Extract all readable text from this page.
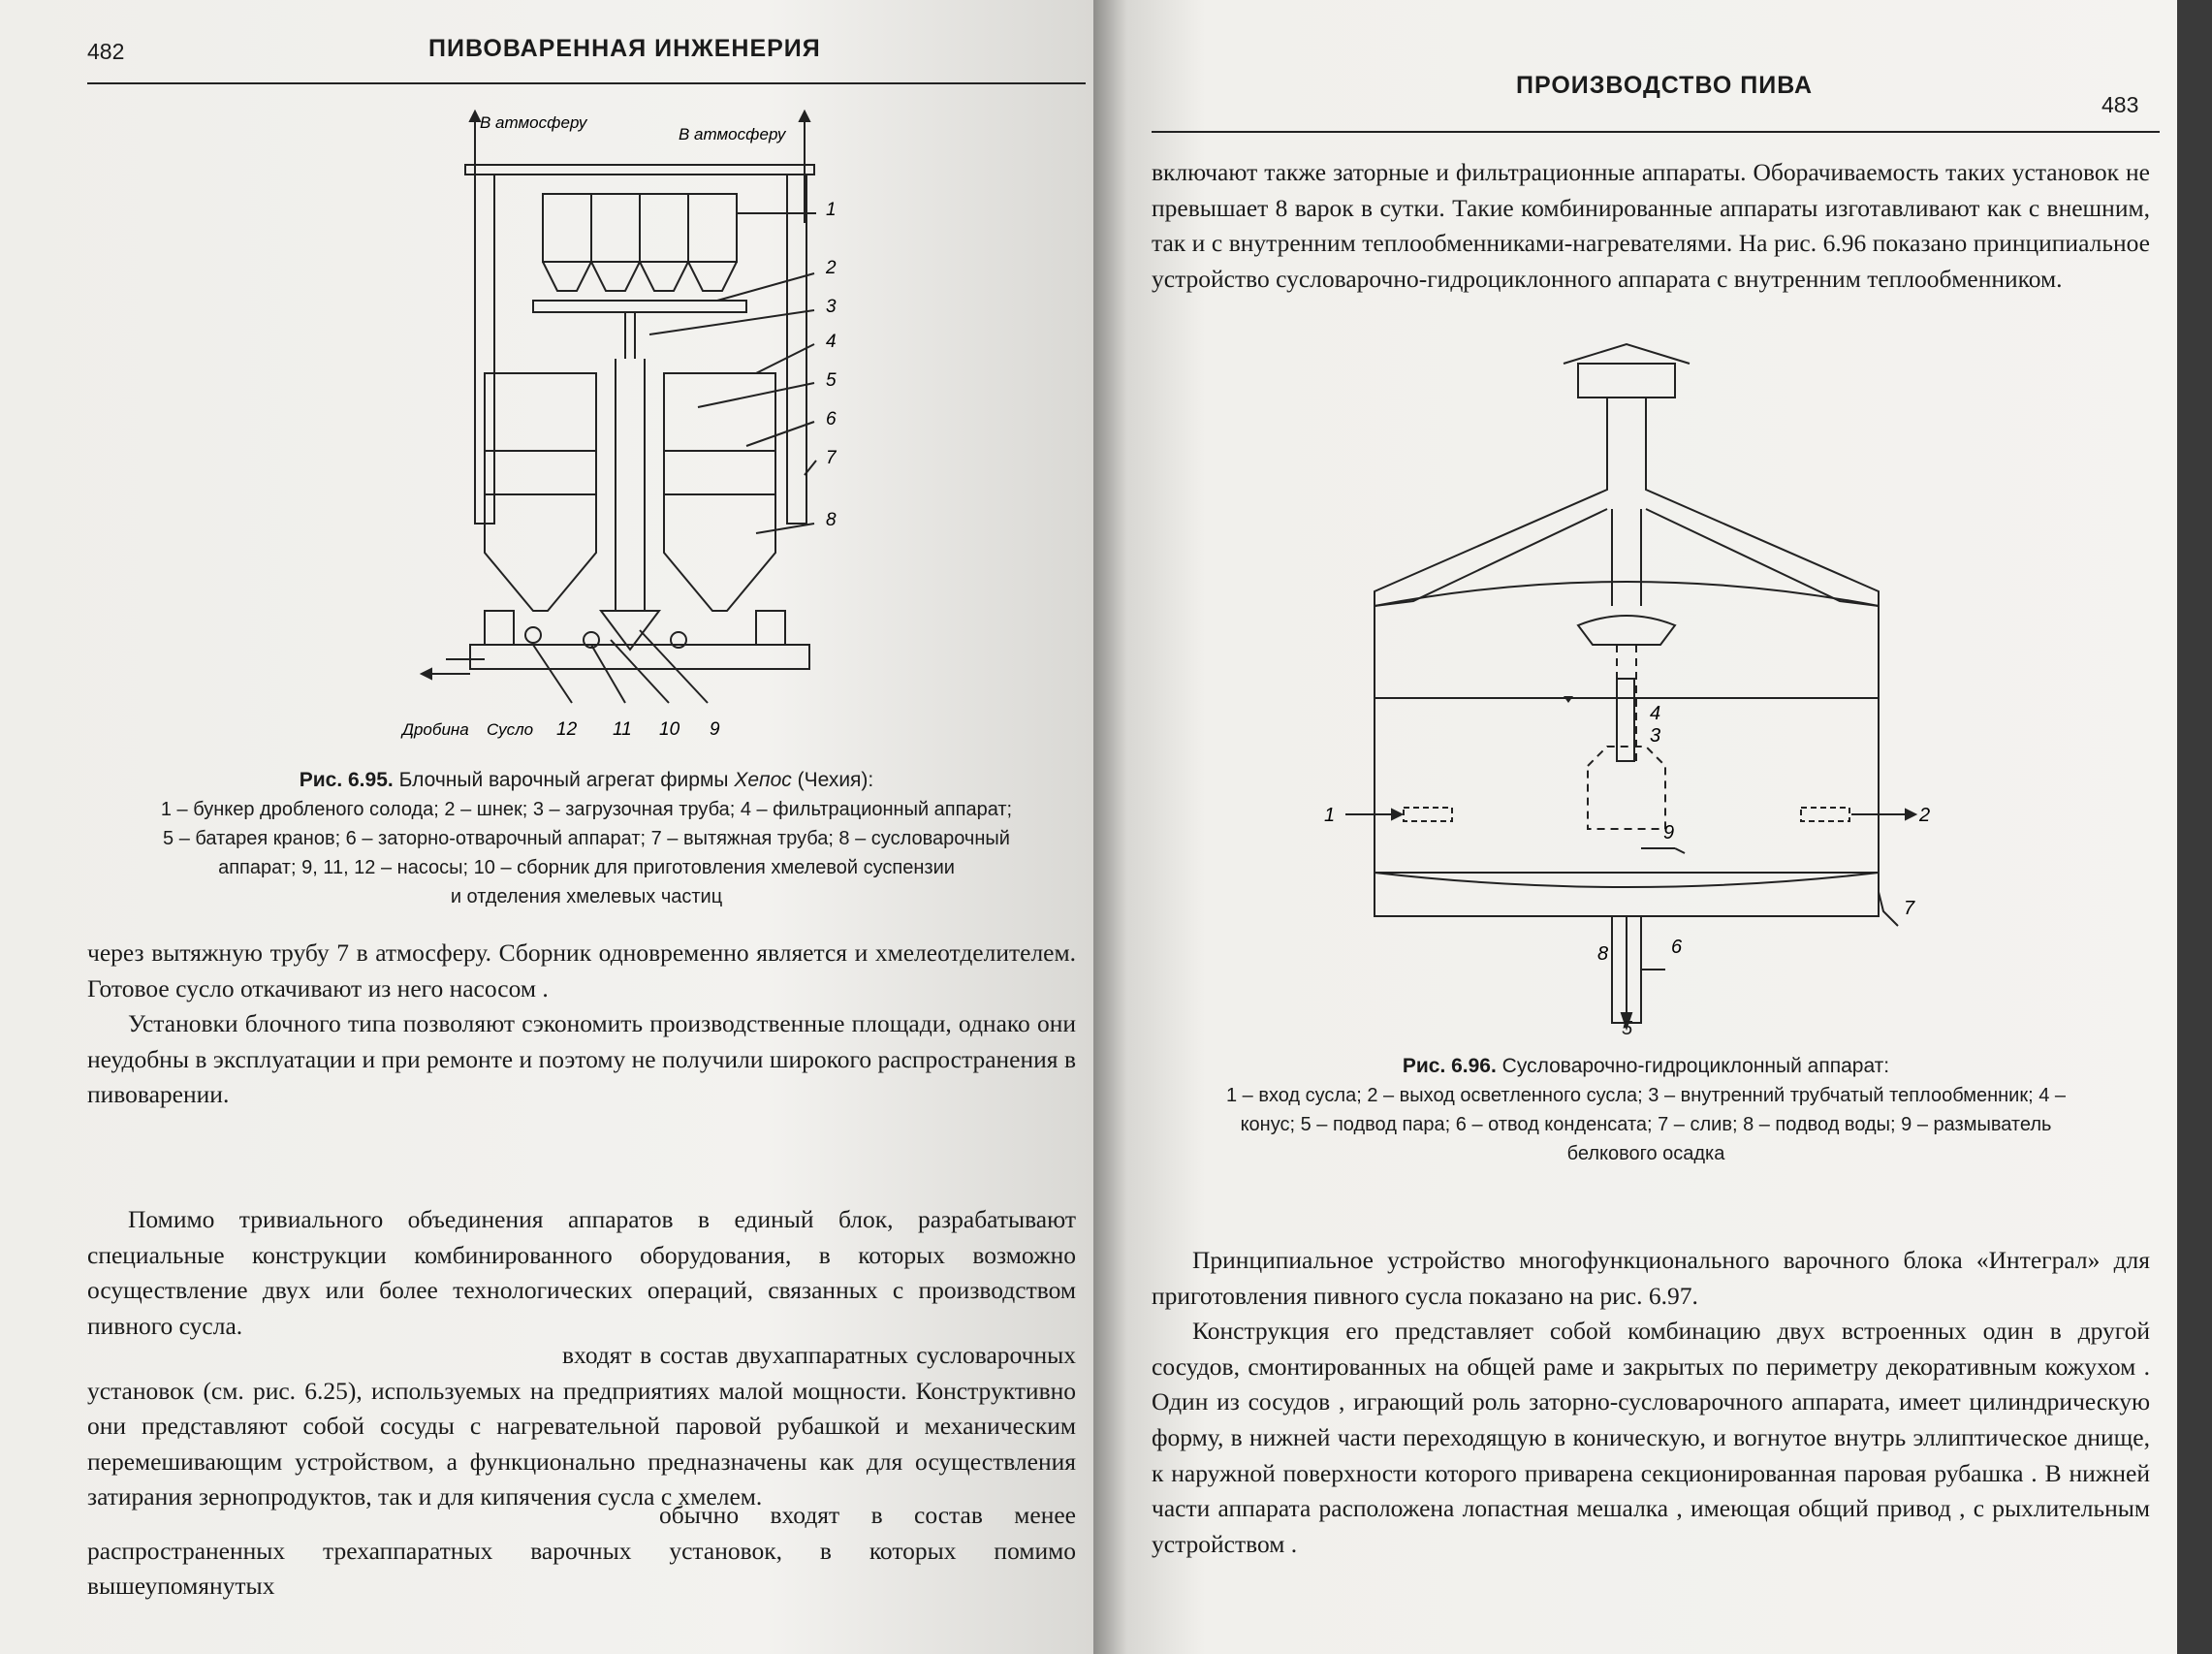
482	ПИВОВАРЕННАЯ ИНЖЕНЕРИЯ
В атмосферу
В атмосферу
1
2
3
4
5
6
7
8
Дробина Сусло 12 11 10 9
Рис. 6.95. Блочный варочный агрегат фирмы Хепос (Чехия):
1 – бункер дробленого солода; 2 – шнек; 3 – загрузочная труба; 4 – фильтрационный аппарат;
5 – батарея кранов; 6 – заторно-отварочный аппарат; 7 – вытяжная труба; 8 – сусловарочный
аппарат; 9, 11, 12 – насосы; 10 – сборник для приготовления хмелевой суспензии
и отделения хмелевых частиц

через вытяжную трубу 7 в атмосферу. Сборник одновременно является и хмелеотделителем. Готовое сусло откачивают из него насосом .

Установки блочного типа позволяют сэкономить производственные площади, однако они неудобны в эксплуатации и при ремонте и поэтому не получили широкого распространения в пивоварении.

Помимо тривиального объединения аппаратов в единый блок, разрабатывают специальные конструкции комбинированного оборудования, в которых возможно осуществление двух или более технологических операций, связанных с производством пивного сусла.

входят в состав двухаппаратных сусловарочных установок (см. рис. 6.25), используемых на предприятиях малой мощности. Конструктивно они представляют собой сосуды с нагревательной паровой рубашкой и механическим перемешивающим устройством, а функционально предназначены как для осуществления затирания зернопродуктов, так и для кипячения сусла с хмелем.

обычно входят в состав менее распространенных трехаппаратных варочных установок, в которых помимо вышеупомянутых

ПРОИЗВОДСТВО ПИВА
483

включают также заторные и фильтрационные аппараты. Оборачиваемость таких установок не превышает 8 варок в сутки. Такие комбинированные аппараты изготавливают как с внешним, так и с внутренним теплообменниками-нагревателями. На рис. 6.96 показано принципиальное устройство сусловарочно-гидроциклонного аппарата с внутренним теплообменником.

4
3
1	2
9
7
8	6
5
Рис. 6.96. Сусловарочно-гидроциклонный аппарат:
1 – вход сусла; 2 – выход осветленного сусла; 3 – внутренний трубчатый теплообменник; 4 –
конус; 5 – подвод пара; 6 – отвод конденсата; 7 – слив; 8 – подвод воды; 9 – размыватель
белкового осадка

Принципиальное устройство многофункционального варочного блока «Интеграл» для приготовления пивного сусла показано на рис. 6.97.

Конструкция его представляет собой комбинацию двух встроенных один в другой сосудов, смонтированных на общей раме и закрытых по периметру декоративным кожухом . Один из сосудов , играющий роль заторно-сусловарочного аппарата, имеет цилиндрическую форму, в нижней части переходящую в коническую, и вогнутое внутрь эллиптическое днище, к наружной поверхности которого приварена секционированная паровая рубашка . В нижней части аппарата расположена лопастная мешалка , имеющая общий привод , с рыхлительным устройством .
